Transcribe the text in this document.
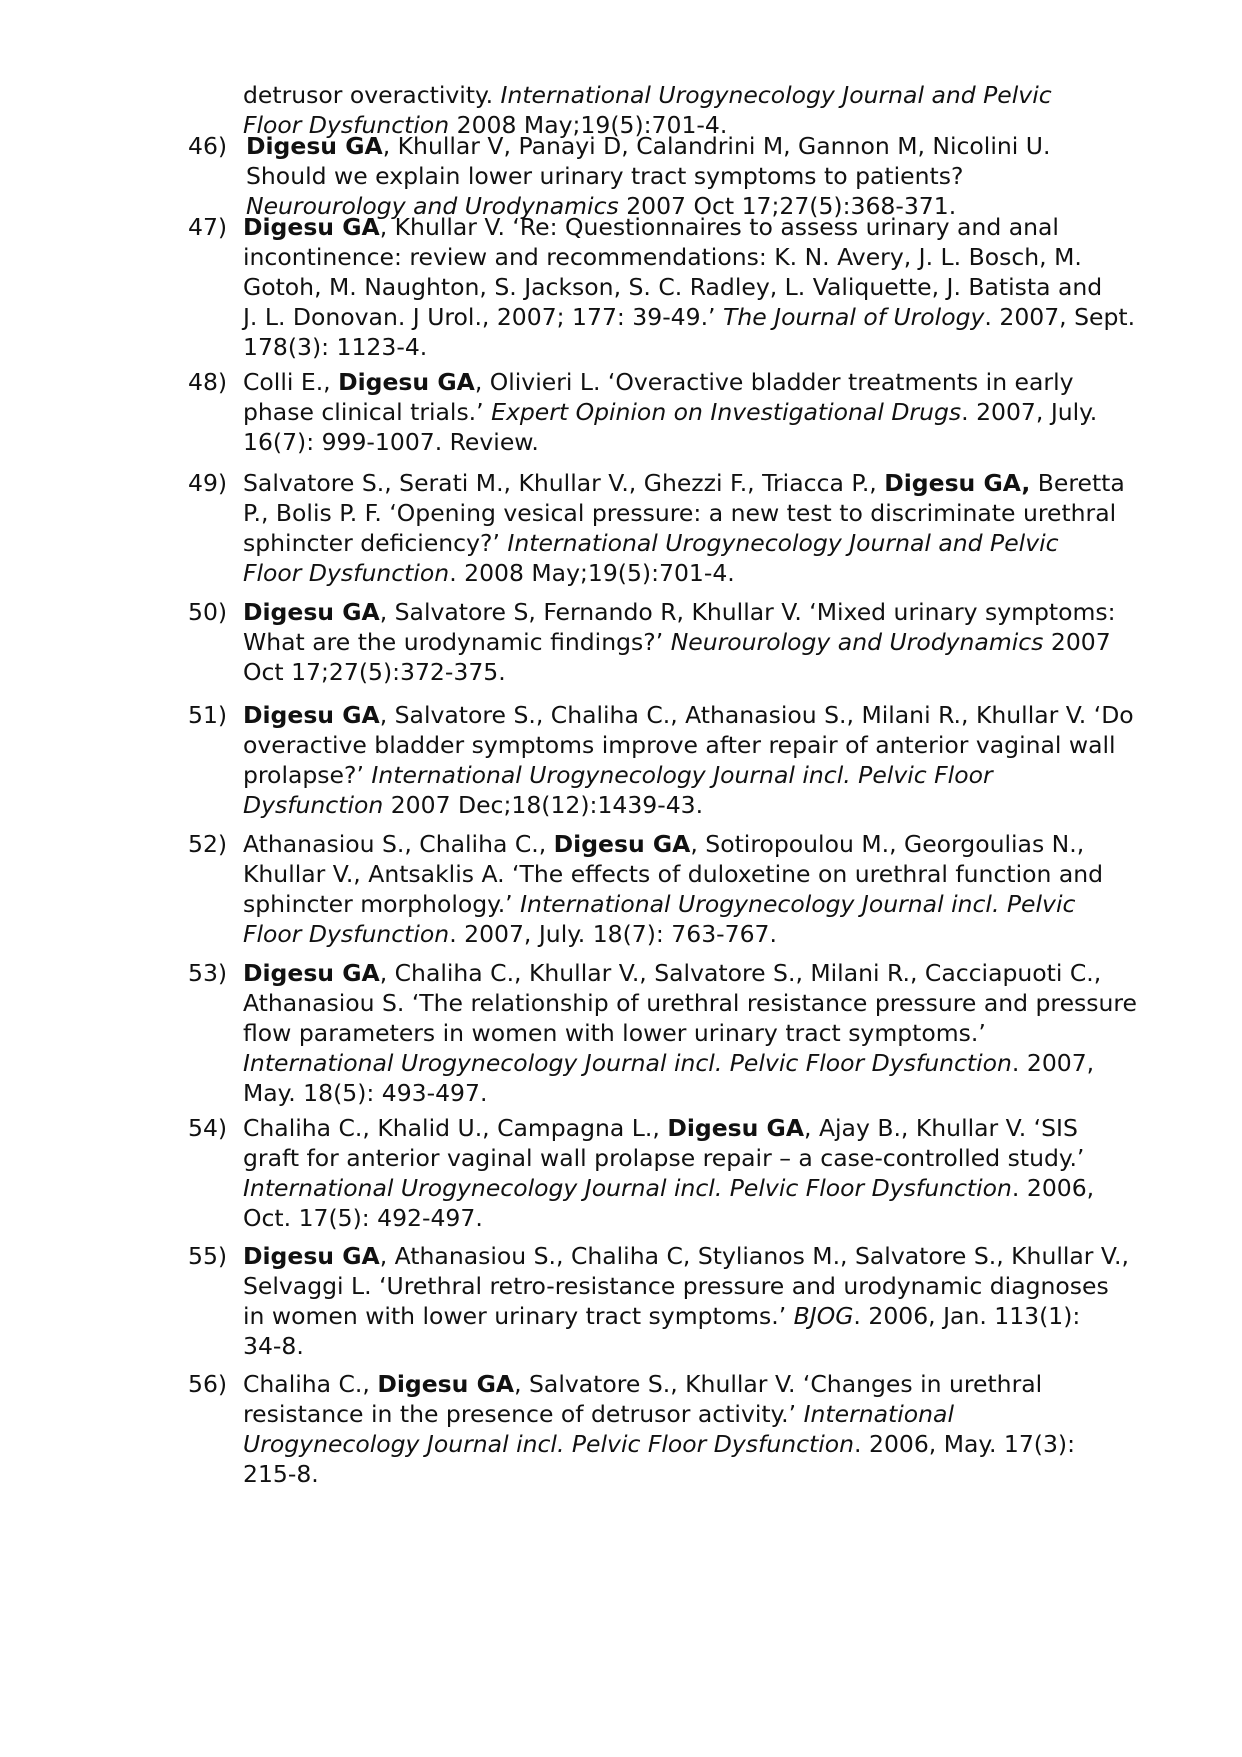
detrusor overactivity. International Urogynecology Journal and Pelvic
Floor Dysfunction 2008 May;19(5):701-4.
46) Digesu GA, Khullar V, Panayi D, Calandrini M, Gannon M, Nicolini U.
Should we explain lower urinary tract symptoms to patients?
Neurourology and Urodynamics 2007 Oct 17;27(5):368-371.
47) Digesu GA, Khullar V. ‘Re: Questionnaires to assess urinary and anal
incontinence: review and recommendations: K. N. Avery, J. L. Bosch, M.
Gotoh, M. Naughton, S. Jackson, S. C. Radley, L. Valiquette, J. Batista and
J. L. Donovan. J Urol., 2007; 177: 39-49.’ The Journal of Urology. 2007, Sept.
178(3): 1123-4.
48) Colli E., Digesu GA, Olivieri L. ‘Overactive bladder treatments in early
phase clinical trials.’ Expert Opinion on Investigational Drugs. 2007, July.
16(7): 999-1007. Review.
49) Salvatore S., Serati M., Khullar V., Ghezzi F., Triacca P., Digesu GA, Beretta
P., Bolis P. F. ‘Opening vesical pressure: a new test to discriminate urethral
sphincter deficiency?’ International Urogynecology Journal and Pelvic
Floor Dysfunction. 2008 May;19(5):701-4.
50) Digesu GA, Salvatore S, Fernando R, Khullar V. ‘Mixed urinary symptoms:
What are the urodynamic findings?’ Neurourology and Urodynamics 2007
Oct 17;27(5):372-375.
51) Digesu GA, Salvatore S., Chaliha C., Athanasiou S., Milani R., Khullar V. ‘Do
overactive bladder symptoms improve after repair of anterior vaginal wall
prolapse?’ International Urogynecology Journal incl. Pelvic Floor
Dysfunction 2007 Dec;18(12):1439-43.
52) Athanasiou S., Chaliha C., Digesu GA, Sotiropoulou M., Georgoulias N.,
Khullar V., Antsaklis A. ‘The effects of duloxetine on urethral function and
sphincter morphology.’ International Urogynecology Journal incl. Pelvic
Floor Dysfunction. 2007, July. 18(7): 763-767.
53) Digesu GA, Chaliha C., Khullar V., Salvatore S., Milani R., Cacciapuoti C.,
Athanasiou S. ‘The relationship of urethral resistance pressure and pressure
flow parameters in women with lower urinary tract symptoms.’
International Urogynecology Journal incl. Pelvic Floor Dysfunction. 2007,
May. 18(5): 493-497.
54) Chaliha C., Khalid U., Campagna L., Digesu GA, Ajay B., Khullar V. ‘SIS
graft for anterior vaginal wall prolapse repair – a case-controlled study.’
International Urogynecology Journal incl. Pelvic Floor Dysfunction. 2006,
Oct. 17(5): 492-497.
55) Digesu GA, Athanasiou S., Chaliha C, Stylianos M., Salvatore S., Khullar V.,
Selvaggi L. ‘Urethral retro-resistance pressure and urodynamic diagnoses
in women with lower urinary tract symptoms.’ BJOG. 2006, Jan. 113(1):
34-8.
56) Chaliha C., Digesu GA, Salvatore S., Khullar V. ‘Changes in urethral
resistance in the presence of detrusor activity.’ International
Urogynecology Journal incl. Pelvic Floor Dysfunction. 2006, May. 17(3):
215-8.
